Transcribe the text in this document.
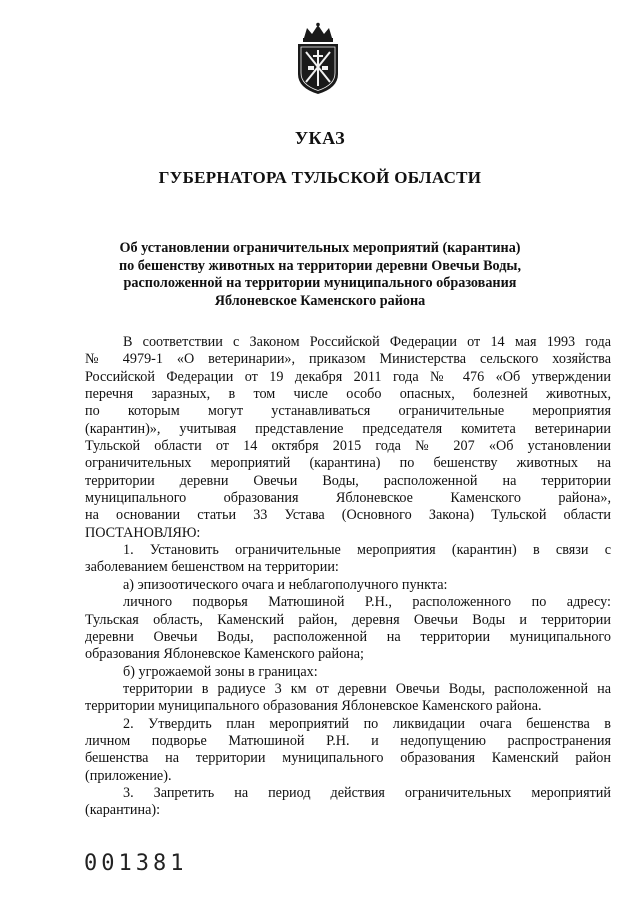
УКАЗ
ГУБЕРНАТОРА ТУЛЬСКОЙ ОБЛАСТИ
Об установлении ограничительных мероприятий (карантина)
по бешенству животных на территории деревни Овечьи Воды,
расположенной на территории муниципального образования
Яблоневское Каменского района
В соответствии с Законом Российской Федерации от 14 мая 1993 года
№ 4979-1 «О ветеринарии», приказом Министерства сельского хозяйства
Российской Федерации от 19 декабря 2011 года № 476 «Об утверждении
перечня заразных, в том числе особо опасных, болезней животных,
по которым могут устанавливаться ограничительные мероприятия
(карантин)», учитывая представление председателя комитета ветеринарии
Тульской области от 14 октября 2015 года № 207 «Об установлении
ограничительных мероприятий (карантина) по бешенству животных на
территории деревни Овечьи Воды, расположенной на территории
муниципального образования Яблоневское Каменского района»,
на основании статьи 33 Устава (Основного Закона) Тульской области
ПОСТАНОВЛЯЮ:
1. Установить ограничительные мероприятия (карантин) в связи с
заболеванием бешенством на территории:
а) эпизоотического очага и неблагополучного пункта:
личного подворья Матюшиной Р.Н., расположенного по адресу:
Тульская область, Каменский район, деревня Овечьи Воды и территории
деревни Овечьи Воды, расположенной на территории муниципального
образования Яблоневское Каменского района;
б) угрожаемой зоны в границах:
территории в радиусе 3 км от деревни Овечьи Воды, расположенной на
территории муниципального образования Яблоневское Каменского района.
2. Утвердить план мероприятий по ликвидации очага бешенства в
личном подворье Матюшиной Р.Н. и недопущению распространения
бешенства на территории муниципального образования Каменский район
(приложение).
3. Запретить на период действия ограничительных мероприятий
(карантина):
001381
